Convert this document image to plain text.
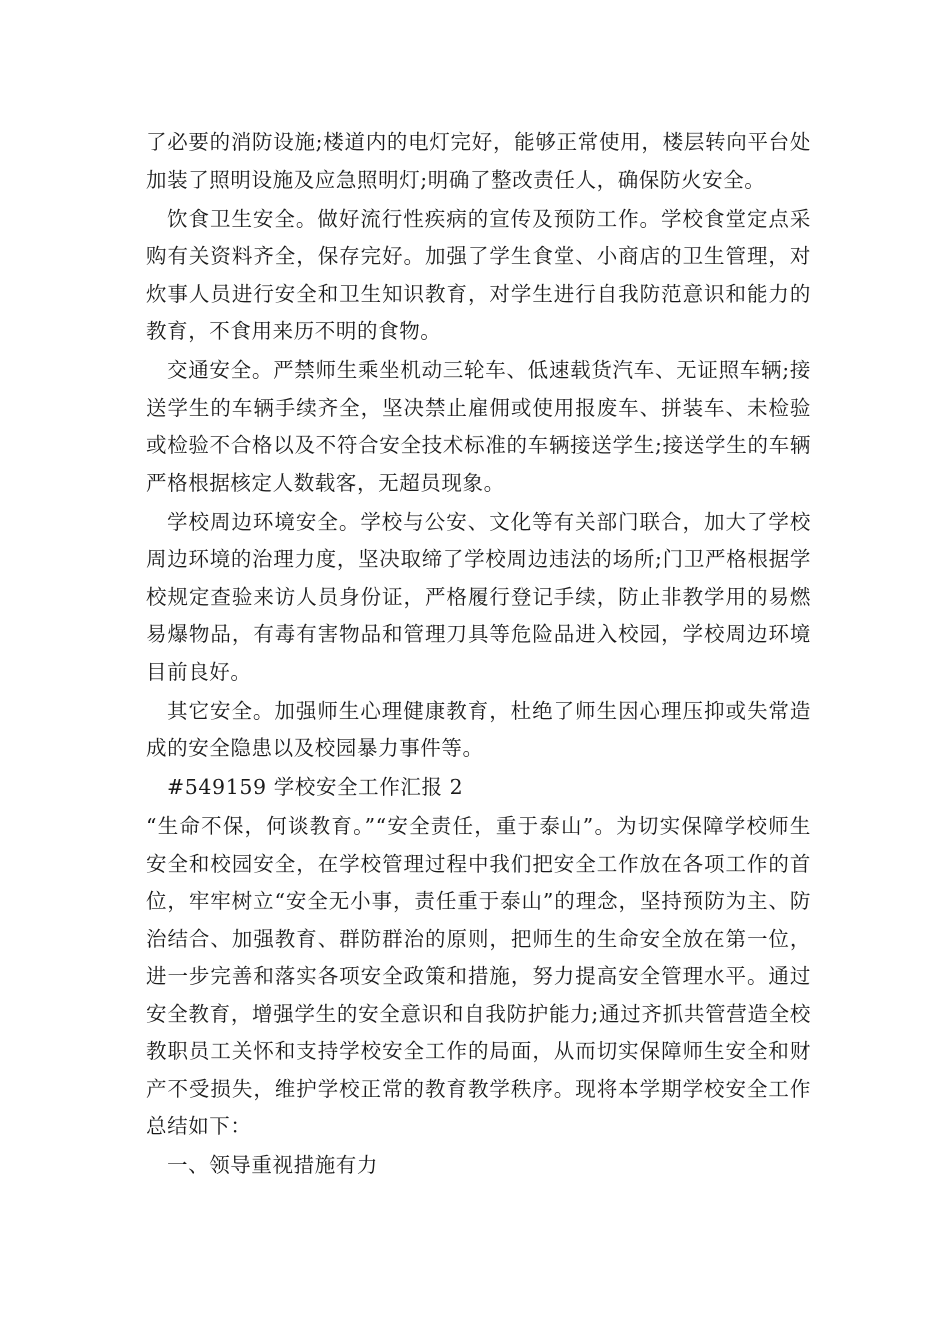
了必要的消防设施;楼道内的电灯完好，能够正常使用，楼层转向平台处加装了照明设施及应急照明灯;明确了整改责任人，确保防火安全。

饮食卫生安全。做好流行性疾病的宣传及预防工作。学校食堂定点采购有关资料齐全，保存完好。加强了学生食堂、小商店的卫生管理，对炊事人员进行安全和卫生知识教育，对学生进行自我防范意识和能力的教育，不食用来历不明的食物。

交通安全。严禁师生乘坐机动三轮车、低速载货汽车、无证照车辆;接送学生的车辆手续齐全，坚决禁止雇佣或使用报废车、拼装车、未检验或检验不合格以及不符合安全技术标准的车辆接送学生;接送学生的车辆严格根据核定人数载客，无超员现象。

学校周边环境安全。学校与公安、文化等有关部门联合，加大了学校周边环境的治理力度，坚决取缔了学校周边违法的场所;门卫严格根据学校规定查验来访人员身份证，严格履行登记手续，防止非教学用的易燃易爆物品，有毒有害物品和管理刀具等危险品进入校园，学校周边环境目前良好。

其它安全。加强师生心理健康教育，杜绝了师生因心理压抑或失常造成的安全隐患以及校园暴力事件等。

#549159 学校安全工作汇报 2

“生命不保，何谈教育。”“安全责任，重于泰山”。为切实保障学校师生安全和校园安全，在学校管理过程中我们把安全工作放在各项工作的首位，牢牢树立“安全无小事，责任重于泰山”的理念，坚持预防为主、防治结合、加强教育、群防群治的原则，把师生的生命安全放在第一位，进一步完善和落实各项安全政策和措施，努力提高安全管理水平。通过安全教育，增强学生的安全意识和自我防护能力;通过齐抓共管营造全校教职员工关怀和支持学校安全工作的局面，从而切实保障师生安全和财产不受损失，维护学校正常的教育教学秩序。现将本学期学校安全工作总结如下：

一、领导重视措施有力
